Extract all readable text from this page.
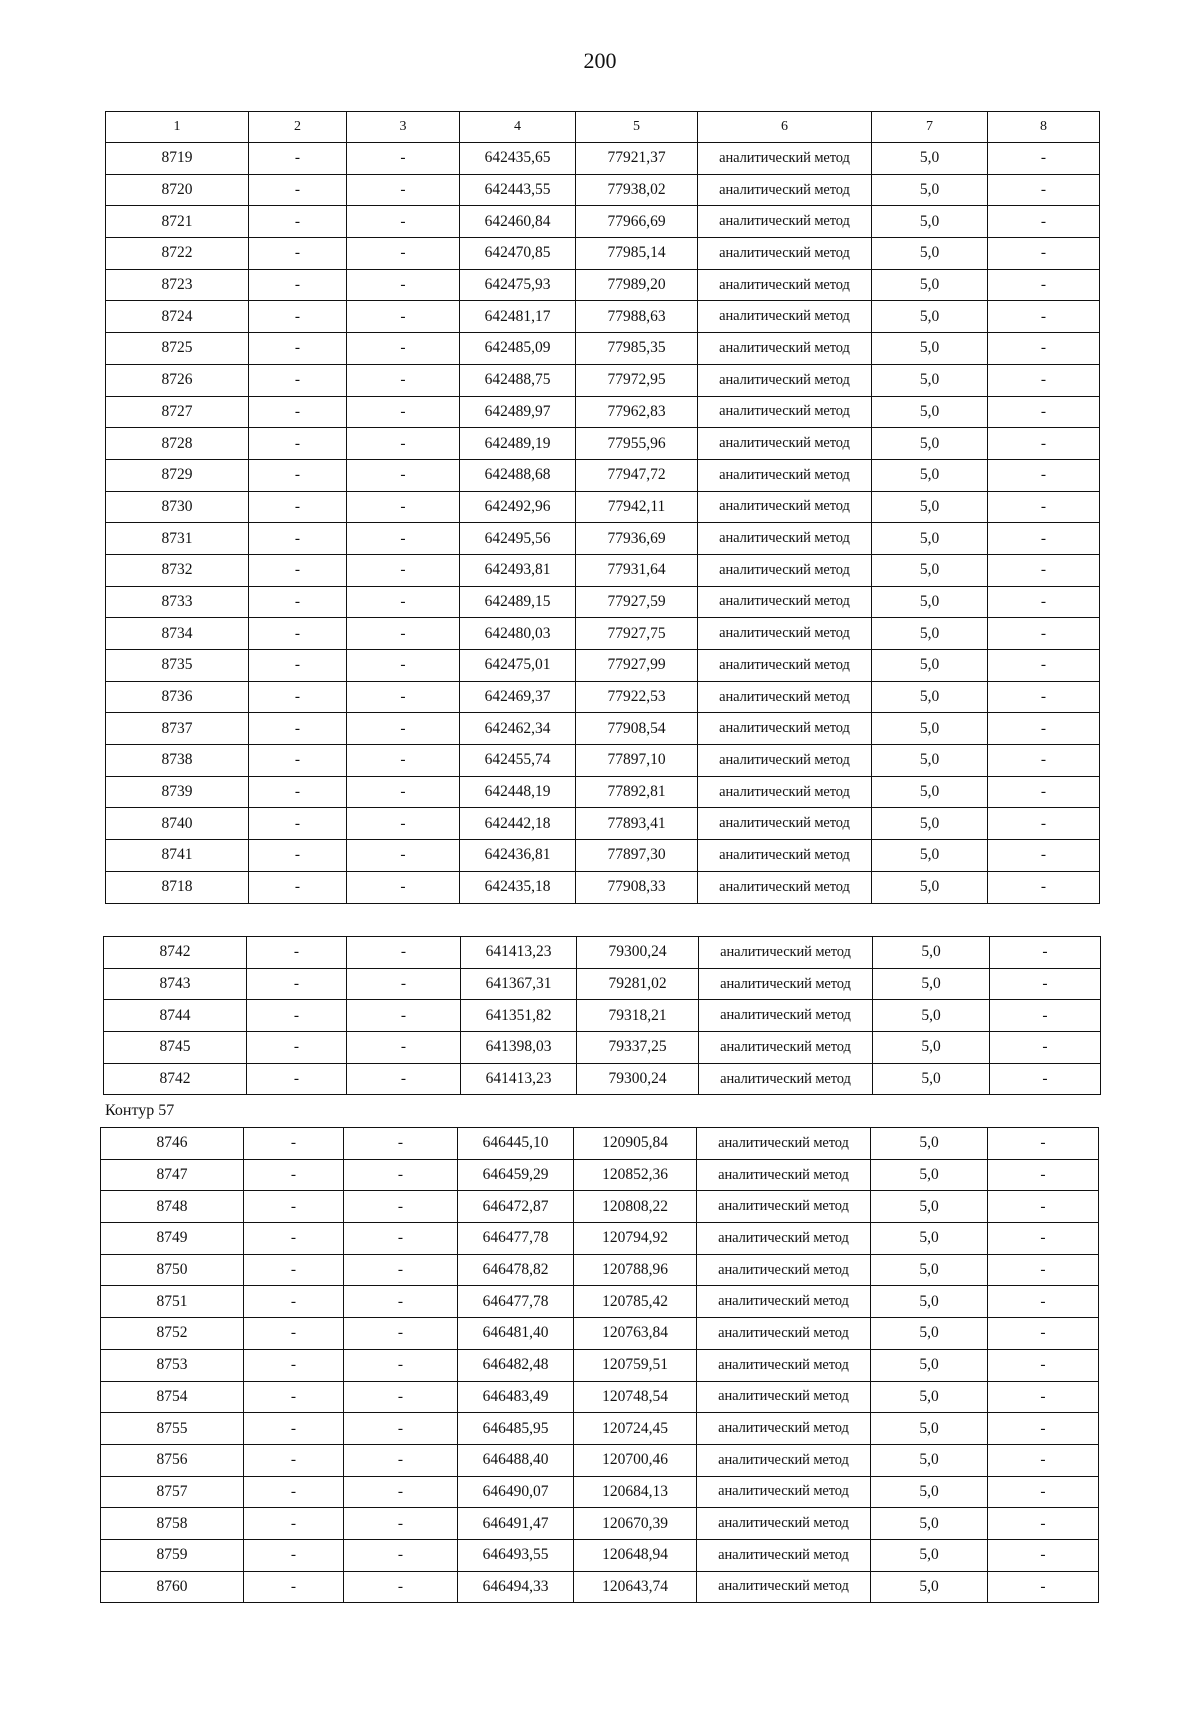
200
1	2	3	4	5	6	7	8
8719	-	-	642435,65	77921,37	аналитический метод	5,0	-
8720	-	-	642443,55	77938,02	аналитический метод	5,0	-
8721	-	-	642460,84	77966,69	аналитический метод	5,0	-
8722	-	-	642470,85	77985,14	аналитический метод	5,0	-
8723	-	-	642475,93	77989,20	аналитический метод	5,0	-
8724	-	-	642481,17	77988,63	аналитический метод	5,0	-
8725	-	-	642485,09	77985,35	аналитический метод	5,0	-
8726	-	-	642488,75	77972,95	аналитический метод	5,0	-
8727	-	-	642489,97	77962,83	аналитический метод	5,0	-
8728	-	-	642489,19	77955,96	аналитический метод	5,0	-
8729	-	-	642488,68	77947,72	аналитический метод	5,0	-
8730	-	-	642492,96	77942,11	аналитический метод	5,0	-
8731	-	-	642495,56	77936,69	аналитический метод	5,0	-
8732	-	-	642493,81	77931,64	аналитический метод	5,0	-
8733	-	-	642489,15	77927,59	аналитический метод	5,0	-
8734	-	-	642480,03	77927,75	аналитический метод	5,0	-
8735	-	-	642475,01	77927,99	аналитический метод	5,0	-
8736	-	-	642469,37	77922,53	аналитический метод	5,0	-
8737	-	-	642462,34	77908,54	аналитический метод	5,0	-
8738	-	-	642455,74	77897,10	аналитический метод	5,0	-
8739	-	-	642448,19	77892,81	аналитический метод	5,0	-
8740	-	-	642442,18	77893,41	аналитический метод	5,0	-
8741	-	-	642436,81	77897,30	аналитический метод	5,0	-
8718	-	-	642435,18	77908,33	аналитический метод	5,0	-
8742	-	-	641413,23	79300,24	аналитический метод	5,0	-
8743	-	-	641367,31	79281,02	аналитический метод	5,0	-
8744	-	-	641351,82	79318,21	аналитический метод	5,0	-
8745	-	-	641398,03	79337,25	аналитический метод	5,0	-
8742	-	-	641413,23	79300,24	аналитический метод	5,0	-
Контур 57
8746	-	-	646445,10	120905,84	аналитический метод	5,0	-
8747	-	-	646459,29	120852,36	аналитический метод	5,0	-
8748	-	-	646472,87	120808,22	аналитический метод	5,0	-
8749	-	-	646477,78	120794,92	аналитический метод	5,0	-
8750	-	-	646478,82	120788,96	аналитический метод	5,0	-
8751	-	-	646477,78	120785,42	аналитический метод	5,0	-
8752	-	-	646481,40	120763,84	аналитический метод	5,0	-
8753	-	-	646482,48	120759,51	аналитический метод	5,0	-
8754	-	-	646483,49	120748,54	аналитический метод	5,0	-
8755	-	-	646485,95	120724,45	аналитический метод	5,0	-
8756	-	-	646488,40	120700,46	аналитический метод	5,0	-
8757	-	-	646490,07	120684,13	аналитический метод	5,0	-
8758	-	-	646491,47	120670,39	аналитический метод	5,0	-
8759	-	-	646493,55	120648,94	аналитический метод	5,0	-
8760	-	-	646494,33	120643,74	аналитический метод	5,0	-
